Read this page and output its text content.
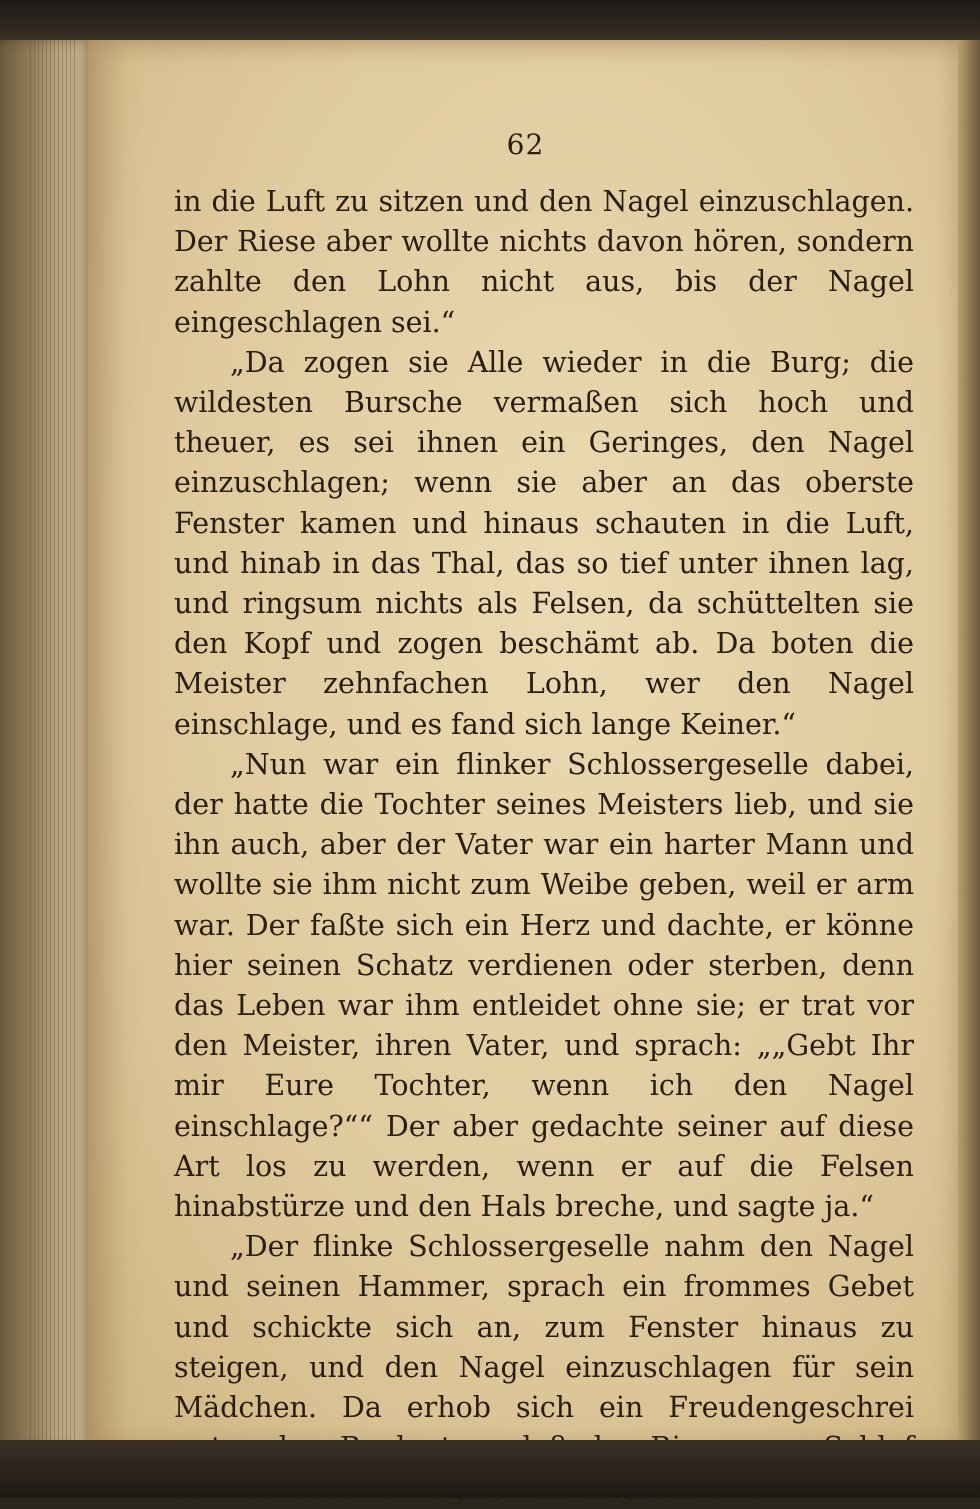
62

in die Luft zu sitzen und den Nagel einzuschlagen. Der Riese aber wollte nichts davon hören, sondern zahlte den Lohn nicht aus, bis der Nagel eingeschlagen sei.“

„Da zogen sie Alle wieder in die Burg; die wildesten Bursche vermaßen sich hoch und theuer, es sei ihnen ein Geringes, den Nagel einzuschlagen; wenn sie aber an das oberste Fenster kamen und hinaus schauten in die Luft, und hinab in das Thal, das so tief unter ihnen lag, und ringsum nichts als Felsen, da schüttelten sie den Kopf und zogen beschämt ab. Da boten die Meister zehnfachen Lohn, wer den Nagel einschlage, und es fand sich lange Keiner.“

„Nun war ein flinker Schlossergeselle dabei, der hatte die Tochter seines Meisters lieb, und sie ihn auch, aber der Vater war ein harter Mann und wollte sie ihm nicht zum Weibe geben, weil er arm war. Der faßte sich ein Herz und dachte, er könne hier seinen Schatz verdienen oder sterben, denn das Leben war ihm entleidet ohne sie; er trat vor den Meister, ihren Vater, und sprach: „„Gebt Ihr mir Eure Tochter, wenn ich den Nagel einschlage?““ Der aber gedachte seiner auf diese Art los zu werden, wenn er auf die Felsen hinabstürze und den Hals breche, und sagte ja.“

„Der flinke Schlossergeselle nahm den Nagel und seinen Hammer, sprach ein frommes Gebet und schickte sich an, zum Fenster hinaus zu steigen, und den Nagel einzuschlagen für sein Mädchen. Da erhob sich ein Freudengeschrei
